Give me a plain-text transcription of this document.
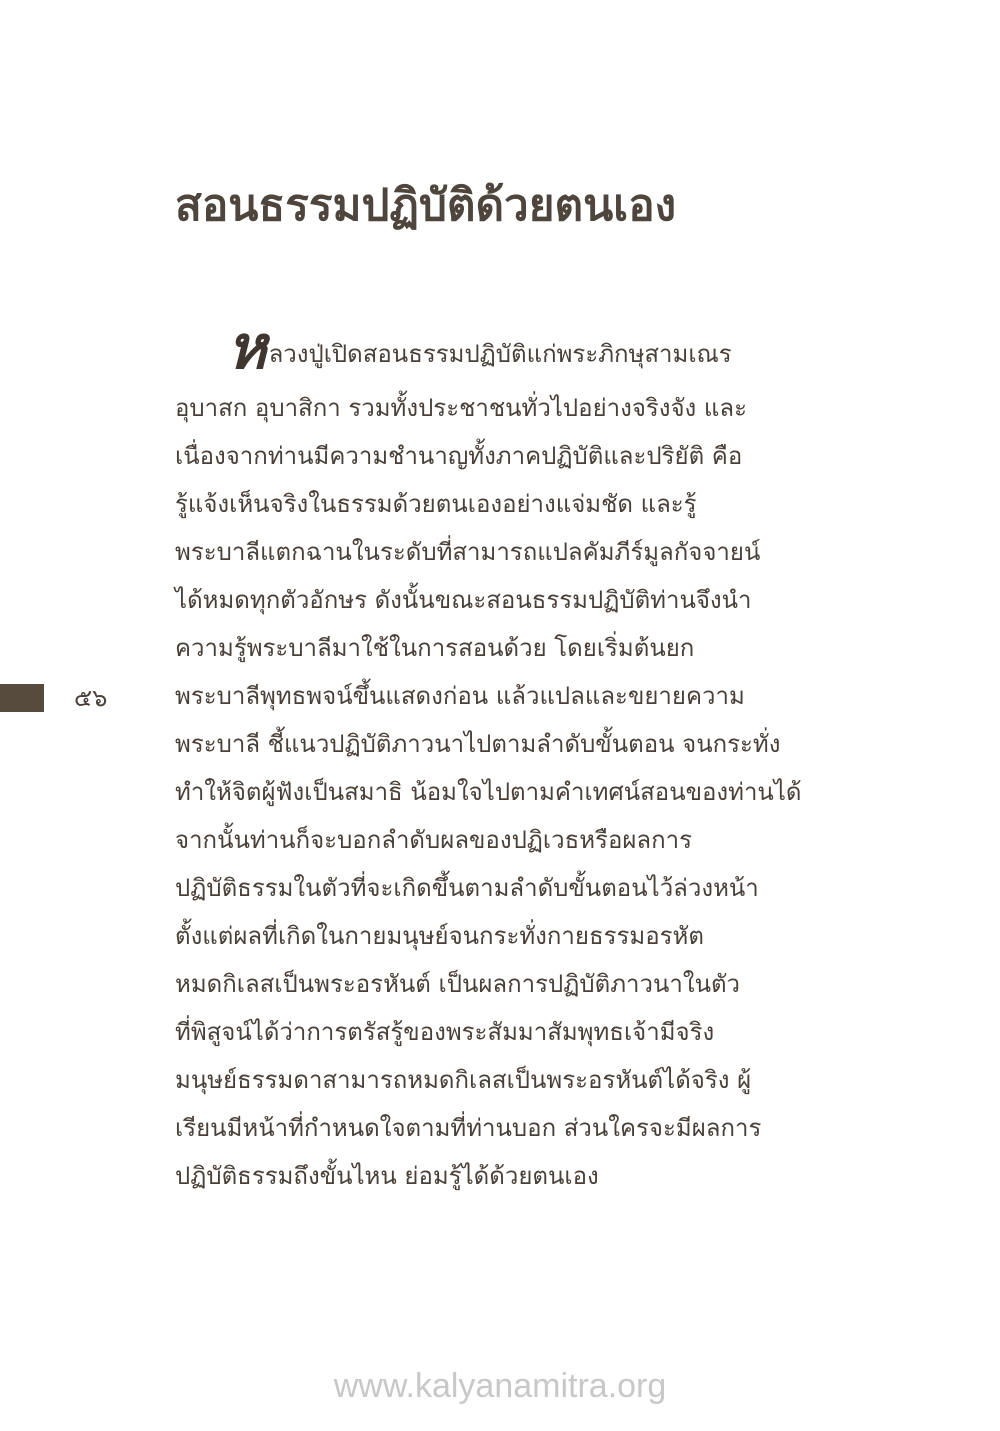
สอนธรรมปฏิบัติด้วยตนเอง
หลวงปู่เปิดสอนธรรมปฏิบัติแก่พระภิกษุสามเณร
อุบาสก อุบาสิกา รวมทั้งประชาชนทั่วไปอย่างจริงจัง และ
เนื่องจากท่านมีความชำนาญทั้งภาคปฏิบัติและปริยัติ คือ
รู้แจ้งเห็นจริงในธรรมด้วยตนเองอย่างแจ่มชัด และรู้
พระบาลีแตกฉานในระดับที่สามารถแปลคัมภีร์มูลกัจจายน์
ได้หมดทุกตัวอักษร ดังนั้นขณะสอนธรรมปฏิบัติท่านจึงนำ
ความรู้พระบาลีมาใช้ในการสอนด้วย โดยเริ่มต้นยก
พระบาลีพุทธพจน์ขึ้นแสดงก่อน แล้วแปลและขยายความ
พระบาลี ชี้แนวปฏิบัติภาวนาไปตามลำดับขั้นตอน จนกระทั่ง
ทำให้จิตผู้ฟังเป็นสมาธิ น้อมใจไปตามคำเทศน์สอนของท่านได้
จากนั้นท่านก็จะบอกลำดับผลของปฏิเวธหรือผลการ
ปฏิบัติธรรมในตัวที่จะเกิดขึ้นตามลำดับขั้นตอนไว้ล่วงหน้า
ตั้งแต่ผลที่เกิดในกายมนุษย์จนกระทั่งกายธรรมอรหัต
หมดกิเลสเป็นพระอรหันต์ เป็นผลการปฏิบัติภาวนาในตัว
ที่พิสูจน์ได้ว่าการตรัสรู้ของพระสัมมาสัมพุทธเจ้ามีจริง
มนุษย์ธรรมดาสามารถหมดกิเลสเป็นพระอรหันต์ได้จริง ผู้
เรียนมีหน้าที่กำหนดใจตามที่ท่านบอก ส่วนใครจะมีผลการ
ปฏิบัติธรรมถึงขั้นไหน ย่อมรู้ได้ด้วยตนเอง
๕๖
www.kalyanamitra.org
